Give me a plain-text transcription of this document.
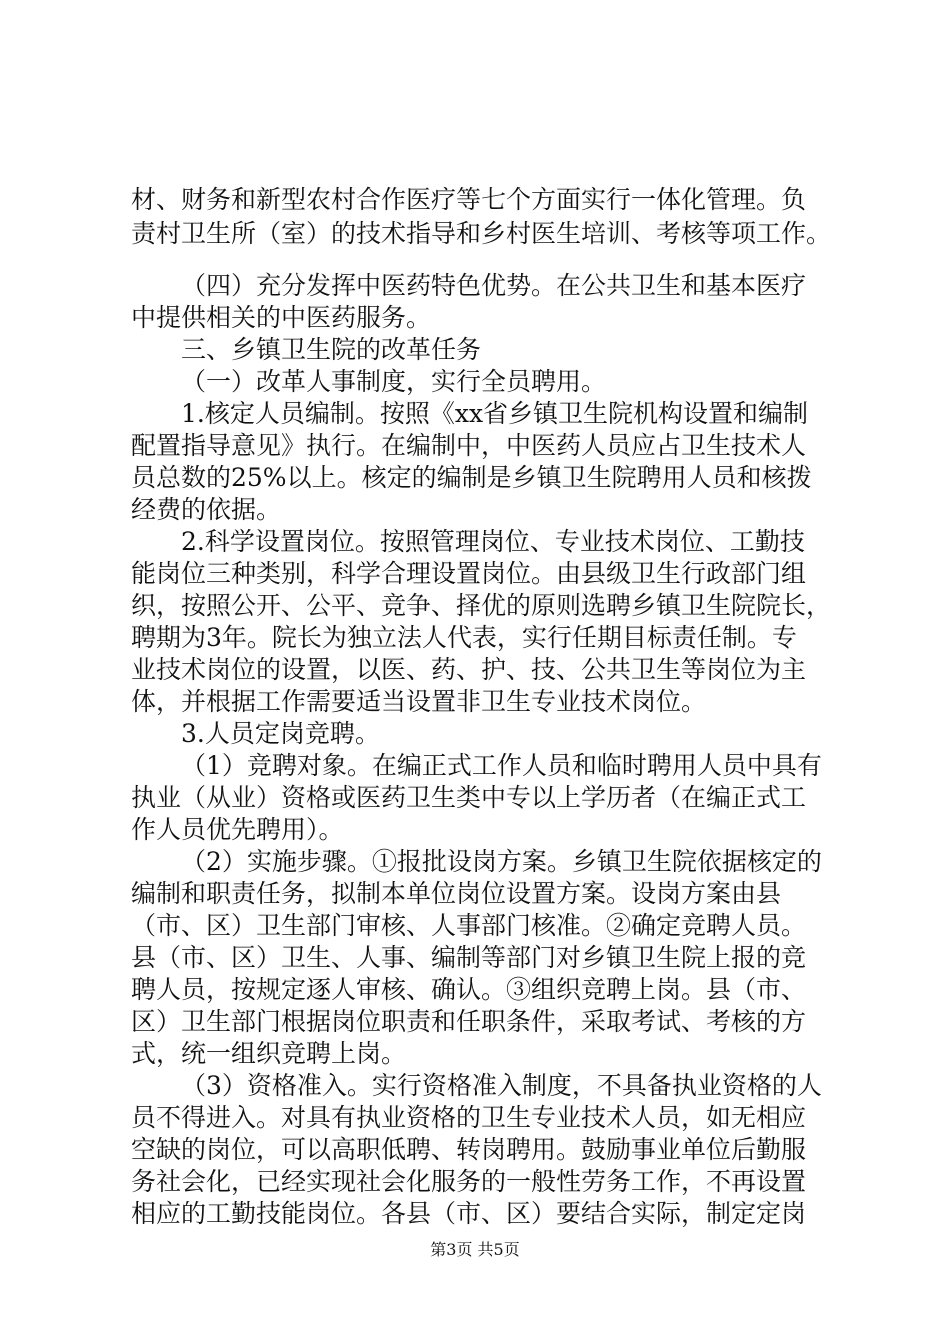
材、财务和新型农村合作医疗等七个方面实行一体化管理。负
责村卫生所（室）的技术指导和乡村医生培训、考核等项工作。
（四）充分发挥中医药特色优势。在公共卫生和基本医疗
中提供相关的中医药服务。
三、乡镇卫生院的改革任务
（一）改革人事制度，实行全员聘用。
1.核定人员编制。按照《xx省乡镇卫生院机构设置和编制
配置指导意见》执行。在编制中，中医药人员应占卫生技术人
员总数的25%以上。核定的编制是乡镇卫生院聘用人员和核拨
经费的依据。
2.科学设置岗位。按照管理岗位、专业技术岗位、工勤技
能岗位三种类别，科学合理设置岗位。由县级卫生行政部门组
织，按照公开、公平、竞争、择优的原则选聘乡镇卫生院院长，
聘期为3年。院长为独立法人代表，实行任期目标责任制。专
业技术岗位的设置，以医、药、护、技、公共卫生等岗位为主
体，并根据工作需要适当设置非卫生专业技术岗位。
3.人员定岗竞聘。
（1）竞聘对象。在编正式工作人员和临时聘用人员中具有
执业（从业）资格或医药卫生类中专以上学历者（在编正式工
作人员优先聘用）。
（2）实施步骤。①报批设岗方案。乡镇卫生院依据核定的
编制和职责任务，拟制本单位岗位设置方案。设岗方案由县
（市、区）卫生部门审核、人事部门核准。②确定竞聘人员。
县（市、区）卫生、人事、编制等部门对乡镇卫生院上报的竞
聘人员，按规定逐人审核、确认。③组织竞聘上岗。县（市、
区）卫生部门根据岗位职责和任职条件，采取考试、考核的方
式，统一组织竞聘上岗。
（3）资格准入。实行资格准入制度，不具备执业资格的人
员不得进入。对具有执业资格的卫生专业技术人员，如无相应
空缺的岗位，可以高职低聘、转岗聘用。鼓励事业单位后勤服
务社会化，已经实现社会化服务的一般性劳务工作，不再设置
相应的工勤技能岗位。各县（市、区）要结合实际，制定定岗
第3页 共5页
